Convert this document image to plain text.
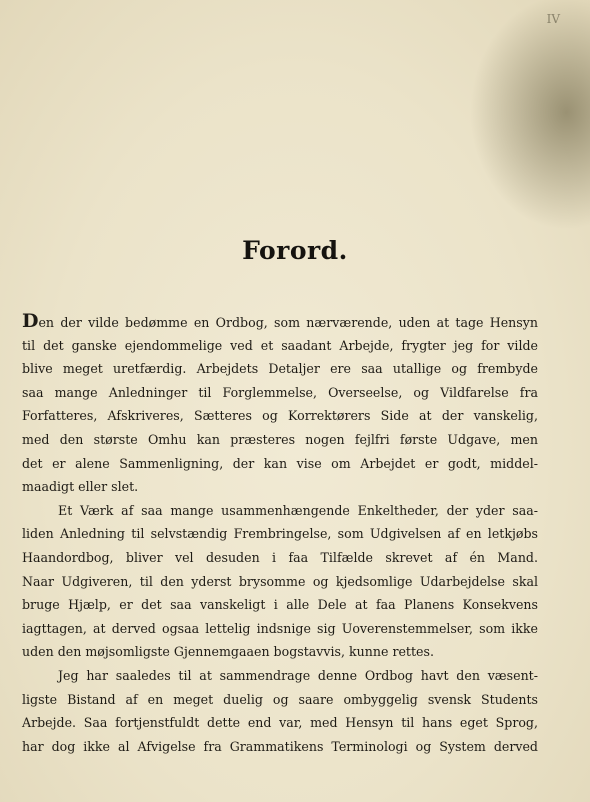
IV
Forord.
Den der vilde bedømme en Ordbog, som nærværende, uden at tage Hensyn
til det ganske ejendommelige ved et saadant Arbejde, frygter jeg for vilde
blive meget uretfærdig. Arbejdets Detaljer ere saa utallige og frembyde
saa mange Anledninger til Forglemmelse, Overseelse, og Vildfarelse fra
Forfatteres, Afskriveres, Sætteres og Korrektørers Side at der vanskelig,
med den største Omhu kan præsteres nogen fejlfri første Udgave, men
det er alene Sammenligning, der kan vise om Arbejdet er godt, middel-
maadigt eller slet.
Et Værk af saa mange usammenhængende Enkeltheder, der yder saa-
liden Anledning til selvstændig Frembringelse, som Udgivelsen af en letkjøbs
Haandordbog, bliver vel desuden i faa Tilfælde skrevet af én Mand.
Naar Udgiveren, til den yderst brysomme og kjedsomlige Udarbejdelse skal
bruge Hjælp, er det saa vanskeligt i alle Dele at faa Planens Konsekvens
iagttagen, at derved ogsaa lettelig indsnige sig Uoverenstemmelser, som ikke
uden den møjsomligste Gjennemgaaen bogstavvis, kunne rettes.
Jeg har saaledes til at sammendrage denne Ordbog havt den væsent-
ligste Bistand af en meget duelig og saare ombyggelig svensk Students
Arbejde. Saa fortjenstfuldt dette end var, med Hensyn til hans eget Sprog,
har dog ikke al Afvigelse fra Grammatikens Terminologi og System derved
